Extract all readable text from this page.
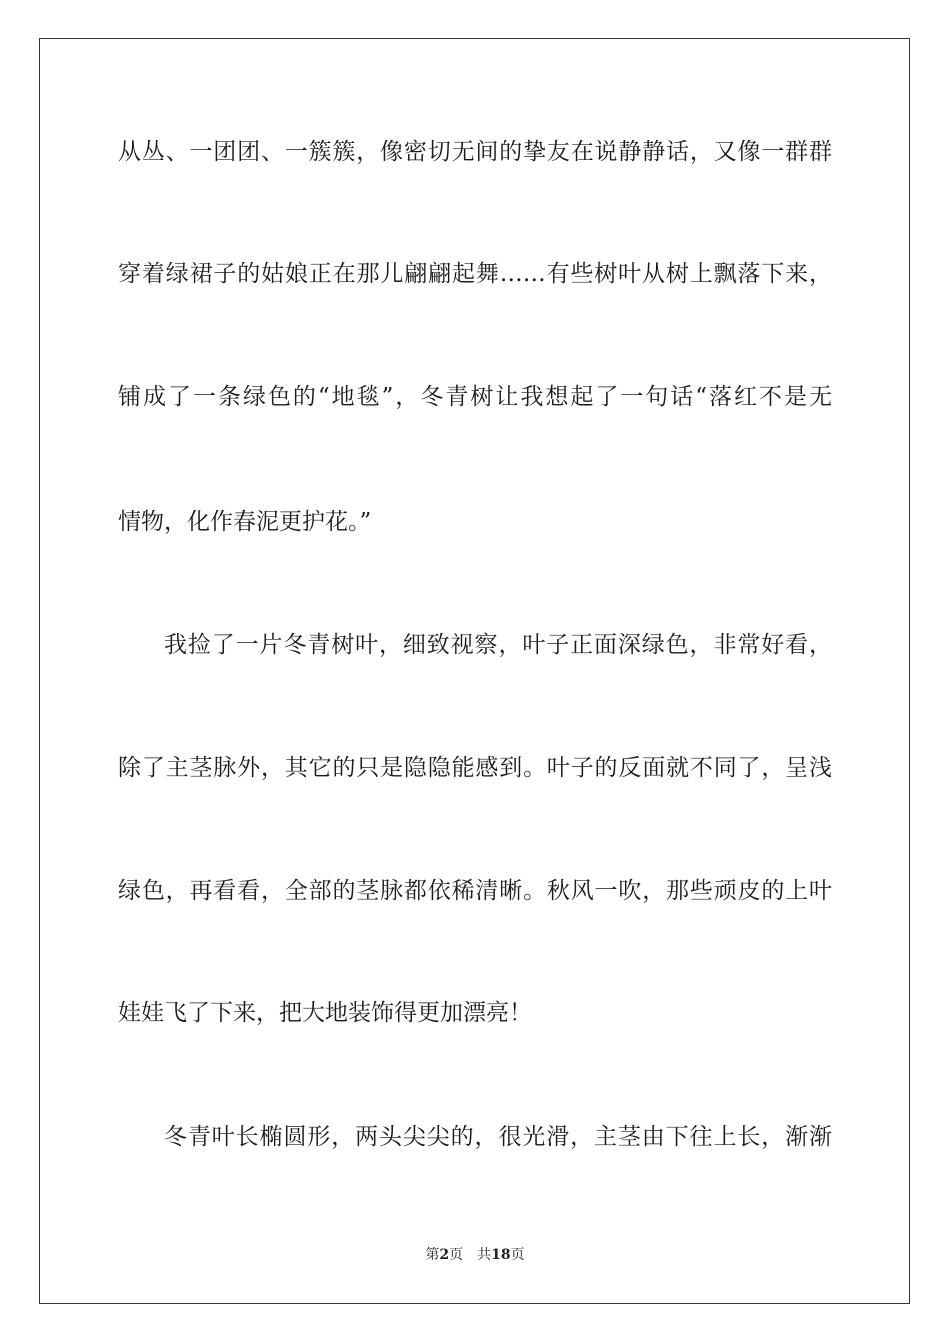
从丛、一团团、一簇簇，像密切无间的挚友在说静静话，又像一群群
穿着绿裙子的姑娘正在那儿翩翩起舞……有些树叶从树上飘落下来，
铺成了一条绿色的“地毯”，冬青树让我想起了一句话“落红不是无
情物，化作春泥更护花。”
我捡了一片冬青树叶，细致视察，叶子正面深绿色，非常好看，
除了主茎脉外，其它的只是隐隐能感到。叶子的反面就不同了，呈浅
绿色，再看看，全部的茎脉都依稀清晰。秋风一吹，那些顽皮的上叶
娃娃飞了下来，把大地装饰得更加漂亮！
冬青叶长椭圆形，两头尖尖的，很光滑，主茎由下往上长，渐渐
第2页 共18页
